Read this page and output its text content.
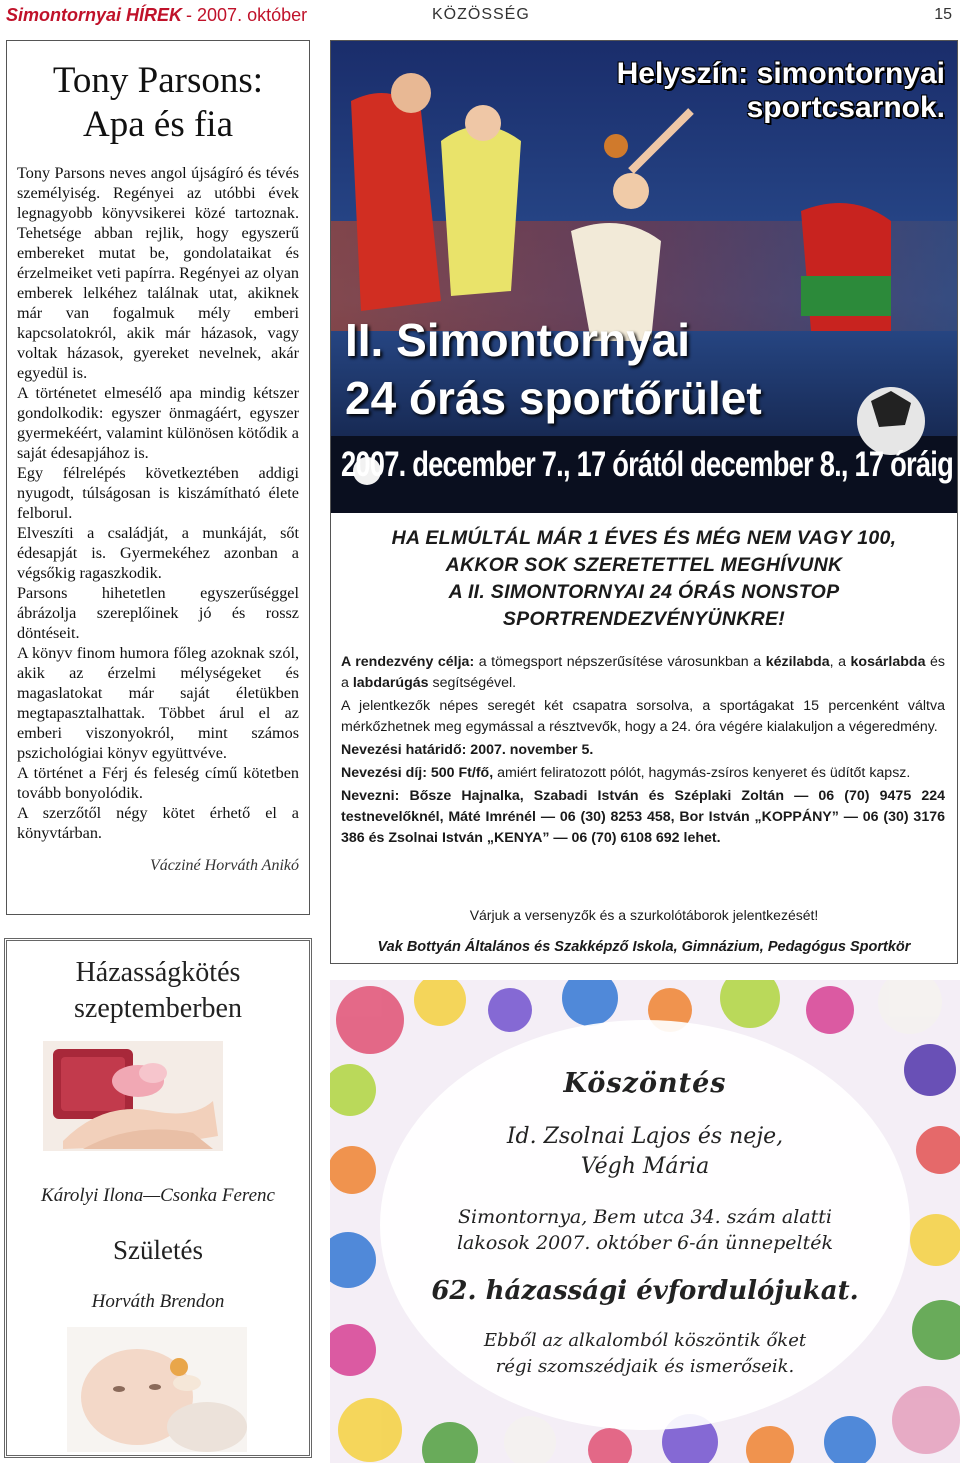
Simontornyai HÍREK - 2007. október	KÖZÖSSÉG	15
Tony Parsons:
Apa és fia

Tony Parsons neves angol újságíró és tévés személyiség. Regényei az utóbbi évek legnagyobb könyvsikerei közé tartoznak. Tehetsége abban rejlik, hogy egyszerű embereket mutat be, gondolataikat és érzelmeiket veti papírra. Regényei az olyan emberek lelkéhez találnak utat, akiknek már van fogalmuk mély emberi kapcsolatokról, akik már házasok, vagy voltak házasok, gyereket nevelnek, akár egyedül is.

A történetet elmesélő apa mindig kétszer gondolkodik: egyszer önmagáért, egyszer gyermekéért, valamint különösen kötődik a saját édesapjához is.

Egy félrelépés következtében addigi nyugodt, túlságosan is kiszámítható élete felborul.

Elveszíti a családját, a munkáját, sőt édesapját is. Gyermekéhez azonban a végsőkig ragaszkodik.

Parsons hihetetlen egyszerűséggel ábrázolja szereplőinek jó és rossz döntéseit.

A könyv finom humora főleg azoknak szól, akik az érzelmi mélységeket és magaslatokat már saját életükben megtapasztalhattak. Többet árul el az emberi viszonyokról, mint számos pszichológiai könyv együttvéve.

A történet a Férj és feleség című kötetben tovább bonyolódik.

A szerzőtől négy kötet érhető el a könyvtárban.

Vácziné Horváth Anikó
Házasságkötés
szeptemberben
Károlyi Ilona—Csonka Ferenc
Születés
Horváth Brendon
Helyszín: simontornyai
sportcsarnok.
II. Simontornyai
24 órás sportőrület
2007. december 7., 17 órától december 8., 17 óráig
HA ELMÚLTÁL MÁR 1 ÉVES ÉS MÉG NEM VAGY 100,
AKKOR SOK SZERETETTEL MEGHÍVUNK
A II. SIMONTORNYAI 24 ÓRÁS NONSTOP
SPORTRENDEZVÉNYÜNKRE!

A rendezvény célja: a tömegsport népszerűsítése városunkban a kézilabda, a kosárlabda és a labdarúgás segítségével.

A jelentkezők népes seregét két csapatra sorsolva, a sportágakat 15 percenként váltva mérkőzhetnek meg egymással a résztvevők, hogy a 24. óra végére kialakuljon a végeredmény.

Nevezési határidő: 2007. november 5.

Nevezési díj: 500 Ft/fő, amiért feliratozott pólót, hagymás-zsíros kenyeret és üdítőt kapsz.

Nevezni: Bősze Hajnalka, Szabadi István és Széplaki Zoltán — 06 (70) 9475 224 testnevelőknél, Máté Imrénél — 06 (30) 8253 458, Bor István „KOPPÁNY” — 06 (30) 3176 386 és Zsolnai István „KENYA” — 06 (70) 6108 692 lehet.

Várjuk a versenyzők és a szurkolótáborok jelentkezését!
Vak Bottyán Általános és Szakképző Iskola, Gimnázium, Pedagógus Sportkör
Köszöntés
Id. Zsolnai Lajos és neje,
Végh Mária
Simontornya, Bem utca 34. szám alatti
lakosok 2007. október 6-án ünnepelték
62. házassági évfordulójukat.
Ebből az alkalomból köszöntik őket
régi szomszédjaik és ismerőseik.
